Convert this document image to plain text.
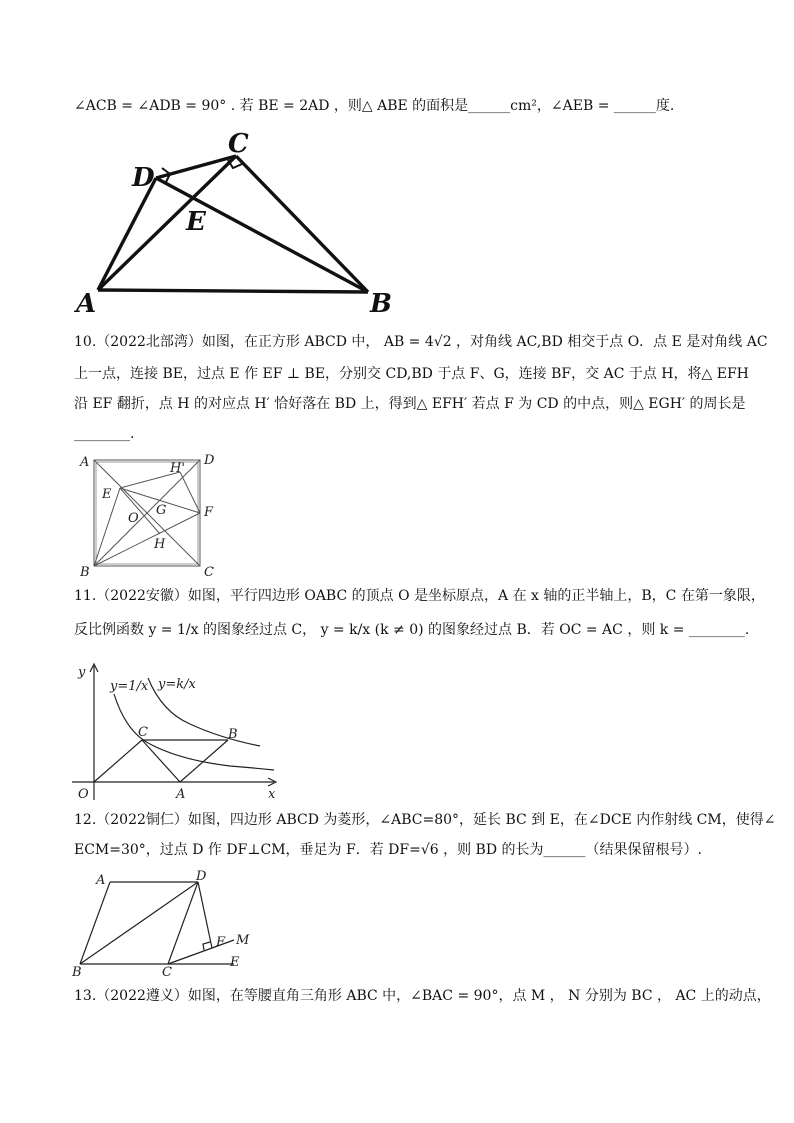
∠ACB = ∠ADB = 90° . 若 BE = 2AD ，则△ ABE 的面积是______cm²，∠AEB = ______度.
D
C
E
A	B
10.（2022北部湾）如图，在正方形 ABCD 中， AB = 4√2 ，对角线 AC,BD 相交于点 O．点 E 是对角线 AC
上一点，连接 BE，过点 E 作 EF ⊥ BE，分别交 CD,BD 于点 F、G，连接 BF，交 AC 于点 H，将△ EFH
沿 EF 翻折，点 H 的对应点 H′ 恰好落在 BD 上，得到△ EFH′ 若点 F 为 CD 的中点，则△ EGH′ 的周长是
________.
A	D
H'
E
G	F
O
H
B	C
11.（2022安徽）如图，平行四边形 OABC 的顶点 O 是坐标原点，A 在 x 轴的正半轴上，B，C 在第一象限，
反比例函数 y = 1/x 的图象经过点 C， y = k/x (k ≠ 0) 的图象经过点 B．若 OC = AC ，则 k = ________.
y
y=1/x y=k/x
C	B
O	A	x
12.（2022铜仁）如图，四边形 ABCD 为菱形，∠ABC=80°，延长 BC 到 E，在∠DCE 内作射线 CM，使得∠
ECM=30°，过点 D 作 DF⊥CM，垂足为 F．若 DF=√6 ，则 BD 的长为______（结果保留根号）.
A	D
F M
B	C
E
13.（2022遵义）如图，在等腰直角三角形 ABC 中，∠BAC = 90°，点 M ， N 分别为 BC ， AC 上的动点，
